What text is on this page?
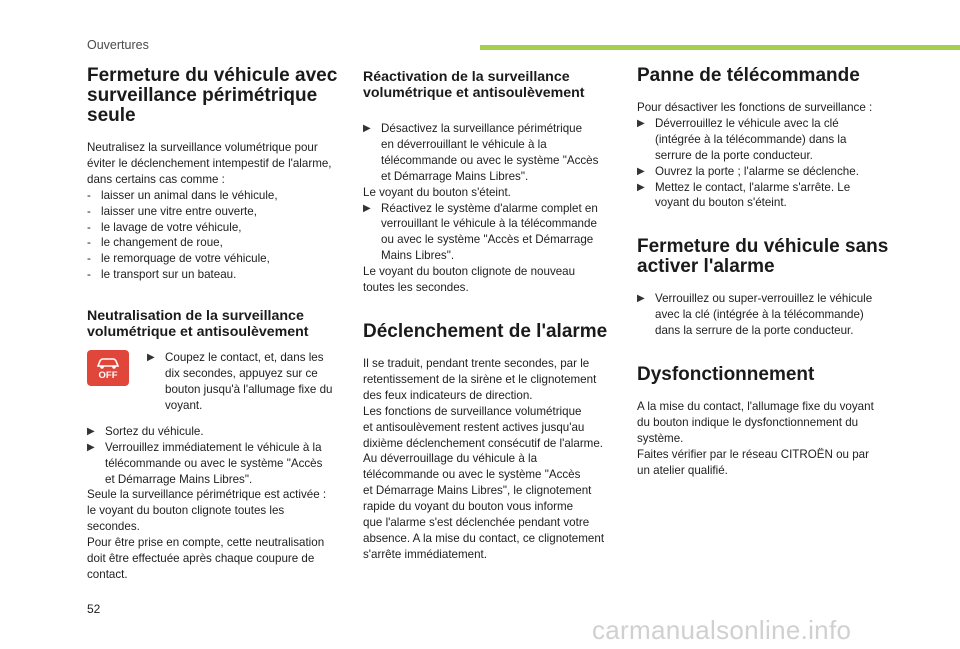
Ouvertures
Fermeture du véhicule avec
surveillance périmétrique
seule

Neutralisez la surveillance volumétrique pour
éviter le déclenchement intempestif de l'alarme,
dans certains cas comme :

- laisser un animal dans le véhicule,
- laisser une vitre entre ouverte,
- le lavage de votre véhicule,
- le changement de roue,
- le remorquage de votre véhicule,
- le transport sur un bateau.
Neutralisation de la surveillance
volumétrique et antisoulèvement
OFF
▶ Coupez le contact, et, dans les
dix secondes, appuyez sur ce
bouton jusqu'à l'allumage fixe du
voyant.
▶ Sortez du véhicule.
▶ Verrouillez immédiatement le véhicule à la
télécommande ou avec le système "Accès
et Démarrage Mains Libres".

Seule la surveillance périmétrique est activée :
le voyant du bouton clignote toutes les
secondes.
Pour être prise en compte, cette neutralisation
doit être effectuée après chaque coupure de
contact.

Réactivation de la surveillance
volumétrique et antisoulèvement
▶ Désactivez la surveillance périmétrique
en déverrouillant le véhicule à la
télécommande ou avec le système "Accès
et Démarrage Mains Libres".

Le voyant du bouton s'éteint.

▶ Réactivez le système d'alarme complet en
verrouillant le véhicule à la télécommande
ou avec le système "Accès et Démarrage
Mains Libres".

Le voyant du bouton clignote de nouveau
toutes les secondes.

Déclenchement de l'alarme

Il se traduit, pendant trente secondes, par le
retentissement de la sirène et le clignotement
des feux indicateurs de direction.
Les fonctions de surveillance volumétrique
et antisoulèvement restent actives jusqu'au
dixième déclenchement consécutif de l'alarme.
Au déverrouillage du véhicule à la
télécommande ou avec le système "Accès
et Démarrage Mains Libres", le clignotement
rapide du voyant du bouton vous informe
que l'alarme s'est déclenchée pendant votre
absence. A la mise du contact, ce clignotement
s'arrête immédiatement.

Panne de télécommande

Pour désactiver les fonctions de surveillance :

▶ Déverrouillez le véhicule avec la clé
(intégrée à la télécommande) dans la
serrure de la porte conducteur.
▶ Ouvrez la porte ; l'alarme se déclenche.
▶ Mettez le contact, l'alarme s'arrête. Le
voyant du bouton s'éteint.
Fermeture du véhicule sans
activer l'alarme
▶ Verrouillez ou super-verrouillez le véhicule
avec la clé (intégrée à la télécommande)
dans la serrure de la porte conducteur.
Dysfonctionnement

A la mise du contact, l'allumage fixe du voyant
du bouton indique le dysfonctionnement du
système.
Faites vérifier par le réseau CITROËN ou par
un atelier qualifié.

52
carmanualsonline.info
